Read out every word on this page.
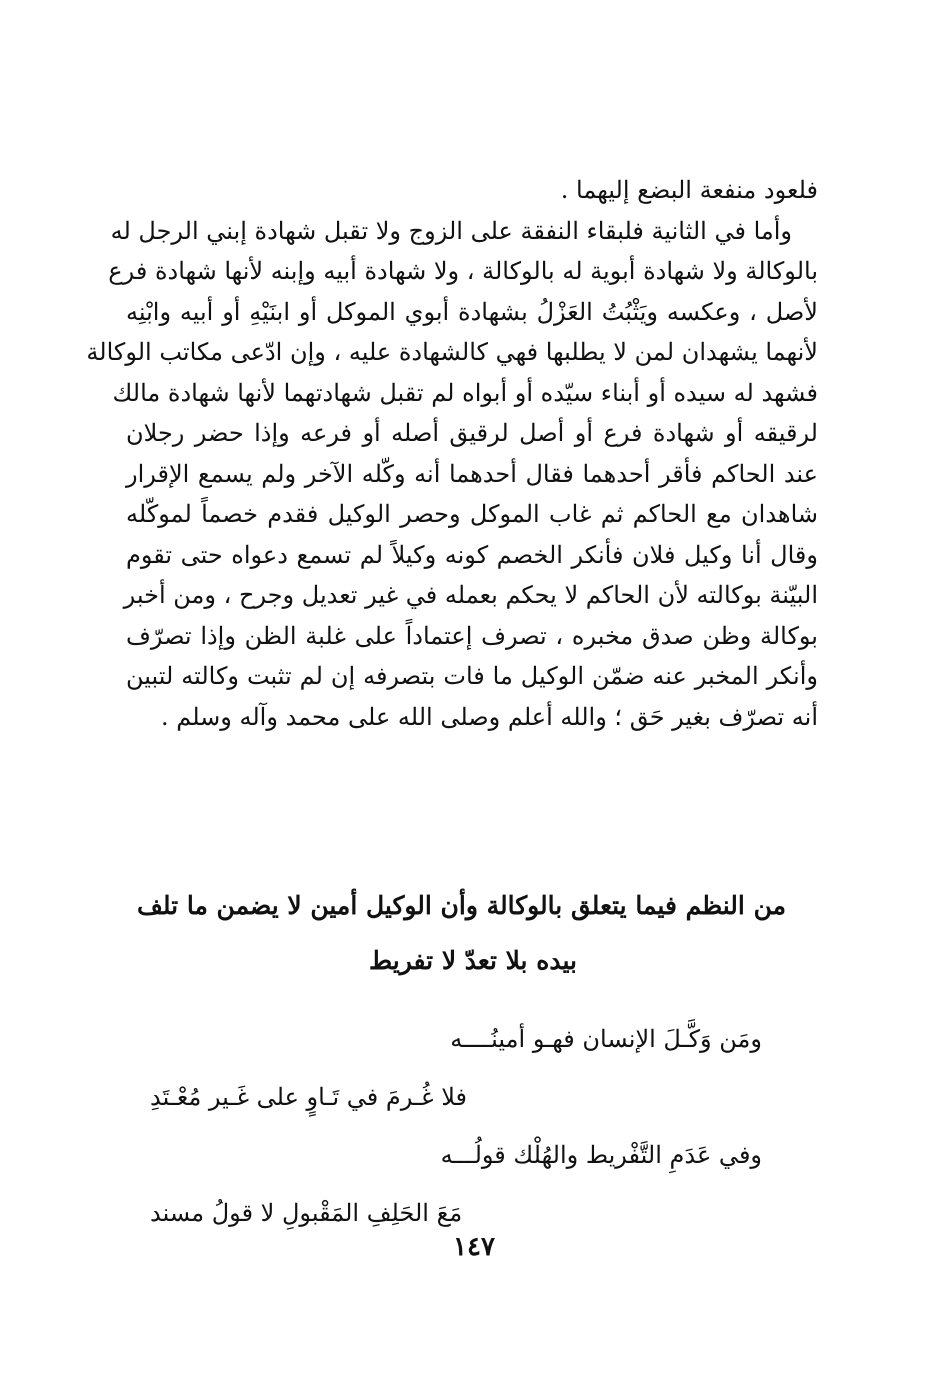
فلعود منفعة البضع إليهما .
وأما في الثانية فلبقاء النفقة على الزوج ولا تقبل شهادة إبني الرجل له
بالوكالة ولا شهادة أبوية له بالوكالة ، ولا شهادة أبيه وإبنه لأنها شهادة فرع
لأصل ، وعكسه ويَثْبُتُ العَزْلُ بشهادة أبوي الموكل أو ابنَيْهِ أو أبيه وابْنِه
لأنهما يشهدان لمن لا يطلبها فهي كالشهادة عليه ، وإن ادّعى مكاتب الوكالة
فشهد له سيده أو أبناء سيّده أو أبواه لم تقبل شهادتهما لأنها شهادة مالك
لرقيقه أو شهادة فرع أو أصل لرقيق أصله أو فرعه وإذا حضر رجلان
عند الحاكم فأقر أحدهما فقال أحدهما أنه وكّله الآخر ولم يسمع الإقرار
شاهدان مع الحاكم ثم غاب الموكل وحصر الوكيل فقدم خصماً لموكّله
وقال أنا وكيل فلان فأنكر الخصم كونه وكيلاً لم تسمع دعواه حتى تقوم
البيّنة بوكالته لأن الحاكم لا يحكم بعمله في غير تعديل وجرح ، ومن أخبر
بوكالة وظن صدق مخبره ، تصرف إعتماداً على غلبة الظن وإذا تصرّف
وأنكر المخبر عنه ضمّن الوكيل ما فات بتصرفه إن لم تثبت وكالته لتبين
أنه تصرّف بغير حَق ؛ والله أعلم وصلى الله على محمد وآله وسلم .
من النظم فيما يتعلق بالوكالة وأن الوكيل أمين لا يضمن ما تلف
بيده بلا تعدّ لا تفريط
ومَن وَكَّـلَ الإنسان فهـو أمينُــــه
فلا غُـرمَ في تَـاوٍ على غَـير مُعْـتَدِ
وفي عَدَمِ التَّفْريط والهُلْك قولُـــه
مَعَ الحَلِفِ المَقْبولِ لا قولُ مسند
١٤٧
